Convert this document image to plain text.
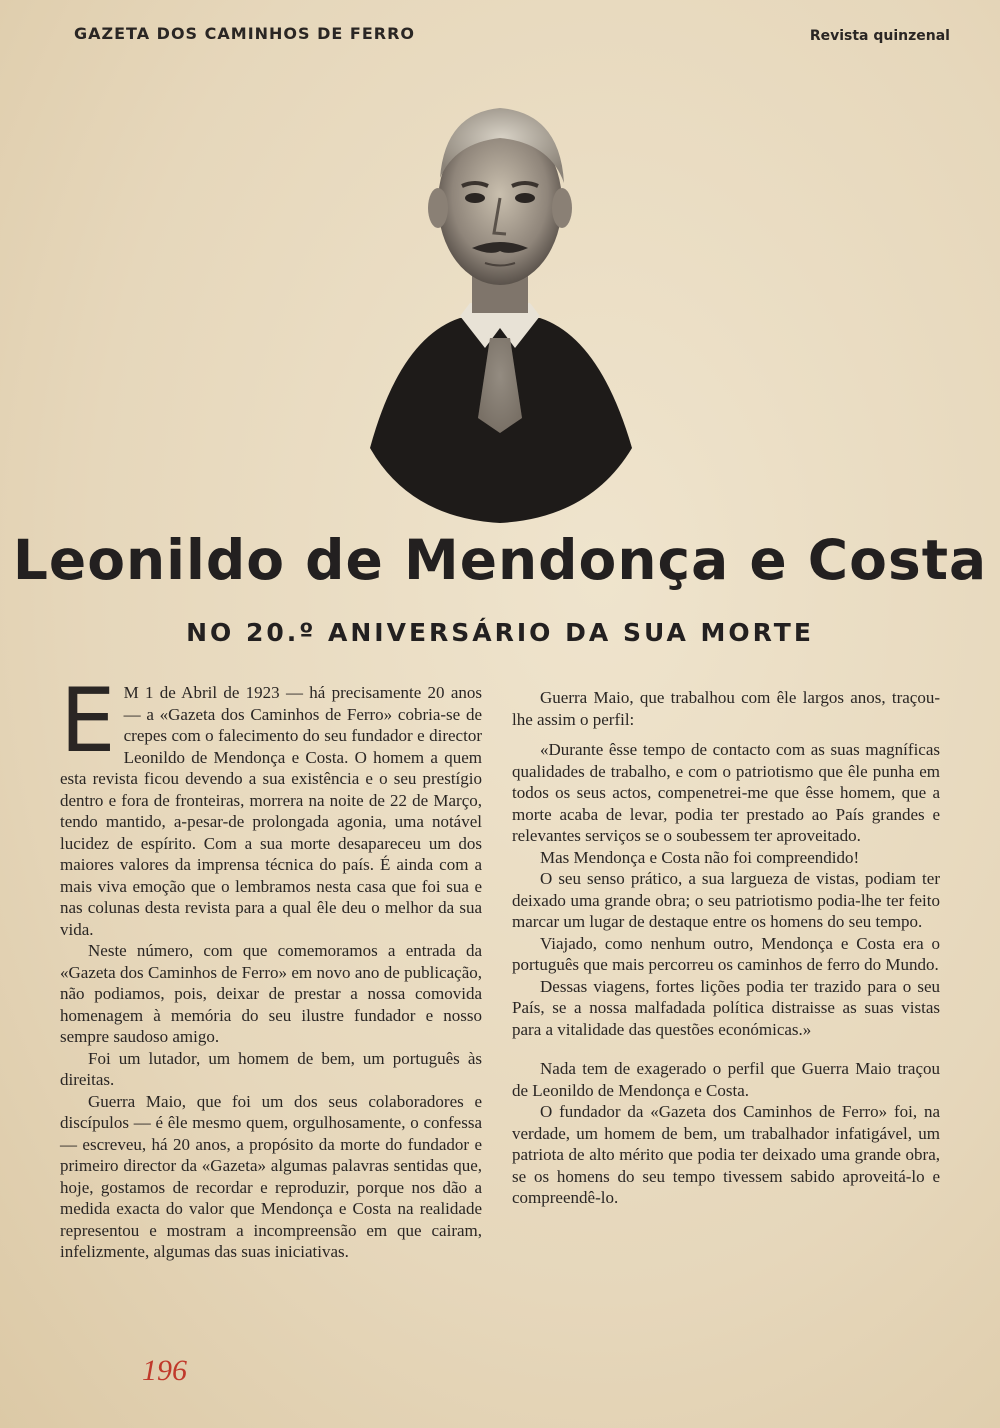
GAZETA DOS CAMINHOS DE FERRO	Revista quinzenal
Leonildo de Mendonça e Costa
NO 20.º ANIVERSÁRIO DA SUA MORTE
E M 1 de Abril de 1923 — há precisamente 20 anos — a «Gazeta dos Caminhos de Ferro» cobria-se de crepes com o falecimento do seu fundador e director Leonildo de Mendonça e Costa. O homem a quem esta revista ficou devendo a sua existência e o seu prestígio dentro e fora de fronteiras, morrera na noite de 22 de Março, tendo mantido, a-pesar-de prolongada agonia, uma notável lucidez de espírito. Com a sua morte desapareceu um dos maiores valores da imprensa técnica do país. É ainda com a mais viva emoção que o lembramos nesta casa que foi sua e nas colunas desta revista para a qual êle deu o melhor da sua vida.

Neste número, com que comemoramos a entrada da «Gazeta dos Caminhos de Ferro» em novo ano de publicação, não podiamos, pois, deixar de prestar a nossa comovida homenagem à memória do seu ilustre fundador e nosso sempre saudoso amigo.

Foi um lutador, um homem de bem, um português às direitas.

Guerra Maio, que foi um dos seus colaboradores e discípulos — é êle mesmo quem, orgulhosamente, o confessa — escreveu, há 20 anos, a propósito da morte do fundador e primeiro director da «Gazeta» algumas palavras sentidas que, hoje, gostamos de recordar e reproduzir, porque nos dão a medida exacta do valor que Mendonça e Costa na realidade representou e mostram a incompreensão em que cairam, infelizmente, algumas das suas iniciativas.

Guerra Maio, que trabalhou com êle largos anos, traçou-lhe assim o perfil:

«Durante êsse tempo de contacto com as suas magníficas qualidades de trabalho, e com o patriotismo que êle punha em todos os seus actos, compenetrei-me que êsse homem, que a morte acaba de levar, podia ter prestado ao País grandes e relevantes serviços se o soubessem ter aproveitado.

Mas Mendonça e Costa não foi compreendido!

O seu senso prático, a sua largueza de vistas, podiam ter deixado uma grande obra; o seu patriotismo podia-lhe ter feito marcar um lugar de destaque entre os homens do seu tempo.

Viajado, como nenhum outro, Mendonça e Costa era o português que mais percorreu os caminhos de ferro do Mundo.

Dessas viagens, fortes lições podia ter trazido para o seu País, se a nossa malfadada política distraisse as suas vistas para a vitalidade das questões económicas.»

Nada tem de exagerado o perfil que Guerra Maio traçou de Leonildo de Mendonça e Costa.

O fundador da «Gazeta dos Caminhos de Ferro» foi, na verdade, um homem de bem, um trabalhador infatigável, um patriota de alto mérito que podia ter deixado uma grande obra, se os homens do seu tempo tivessem sabido aproveitá-lo e compreendê-lo.

196
